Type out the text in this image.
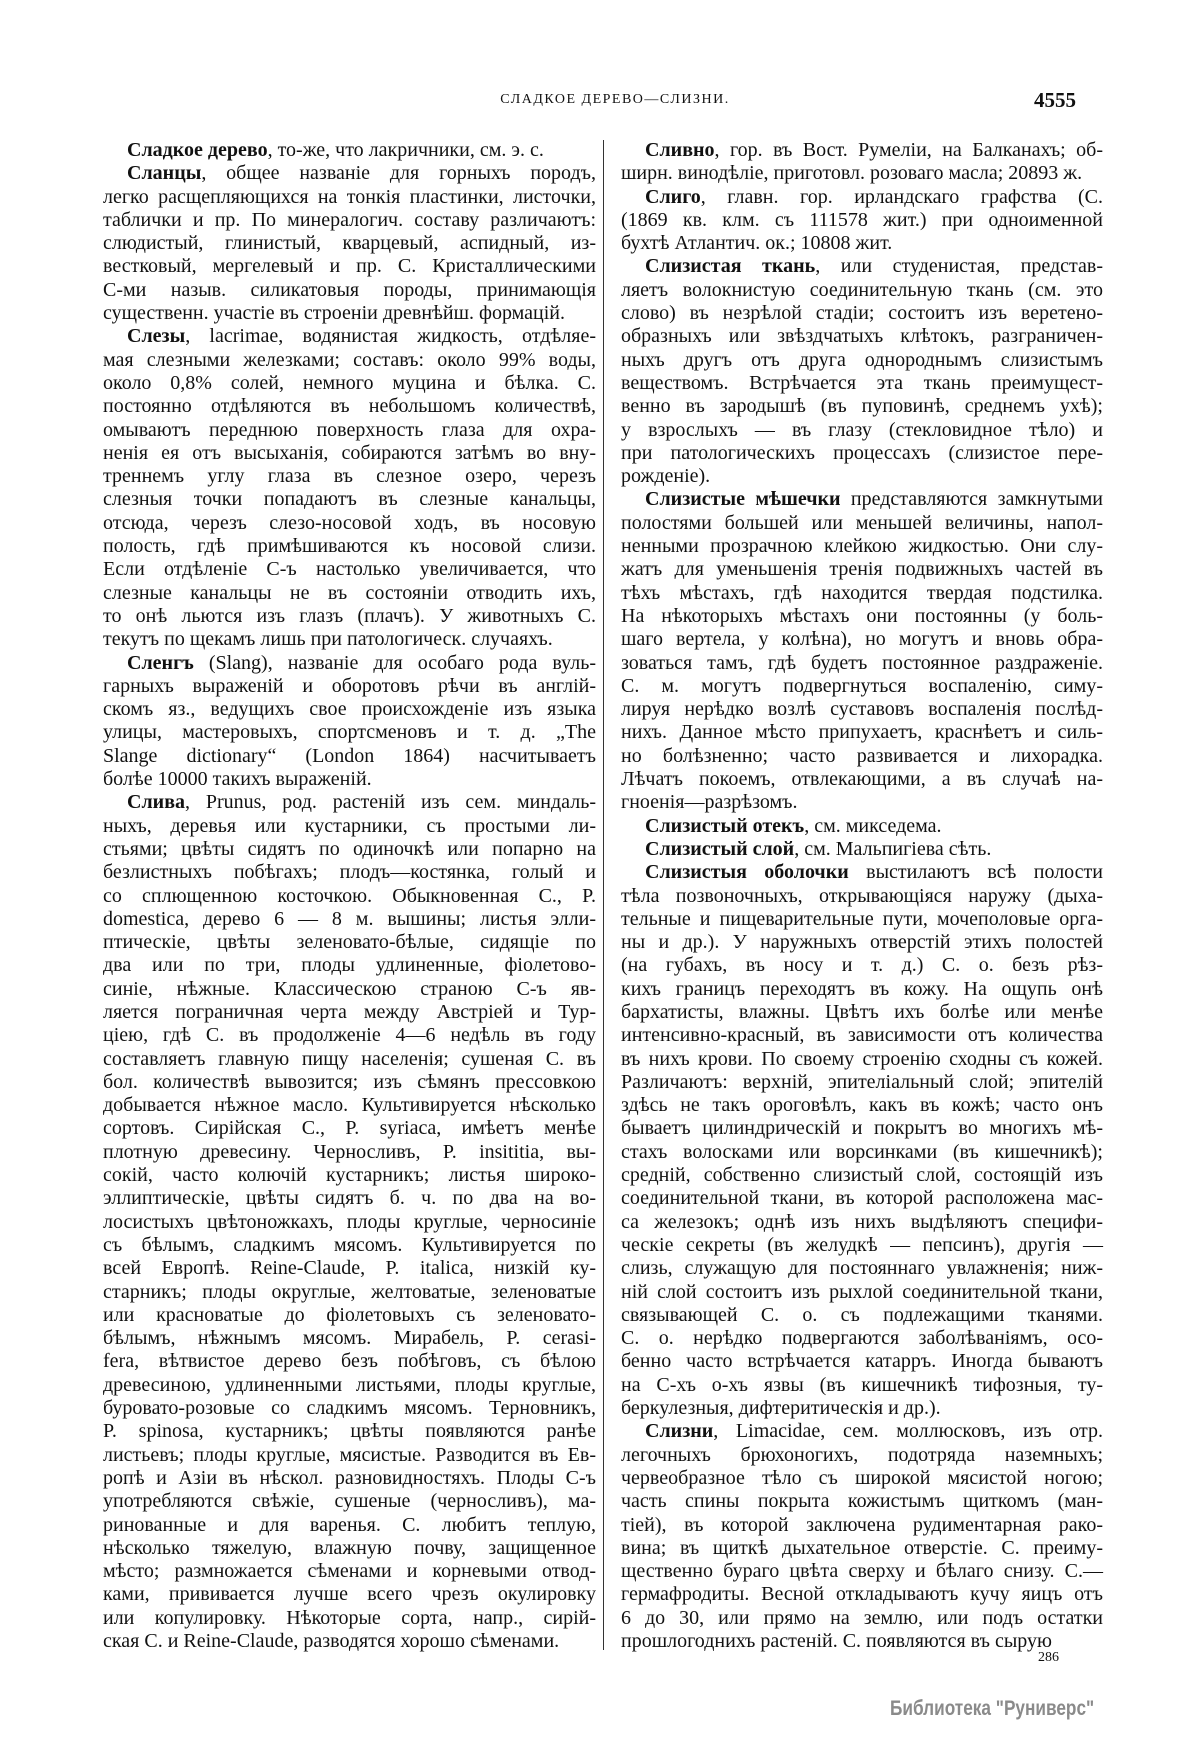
СЛАДКОЕ ДЕРЕВО—СЛИЗНИ.	4555
Сладкое дерево, то-же, что лакричники, см. э. с.
Сланцы, общее названіе для горныхъ породъ,
легко расщепляющихся на тонкія пластинки, листочки,
таблички и пр. По минералогич. составу различаютъ:
слюдистый, глинистый, кварцевый, аспидный, из-
вестковый, мергелевый и пр. С. Кристаллическими
С-ми назыв. силикатовыя породы, принимающія
существенн. участіе въ строеніи древнѣйш. формацій.
Слезы, lacrimae, водянистая жидкость, отдѣляе-
мая слезными железками; составъ: около 99% воды,
около 0,8% солей, немного муцина и бѣлка. С.
постоянно отдѣляются въ небольшомъ количествѣ,
омываютъ переднюю поверхность глаза для охра-
ненія ея отъ высыханія, собираются затѣмъ во вну-
треннемъ углу глаза въ слезное озеро, черезъ
слезныя точки попадаютъ въ слезные канальцы,
отсюда, черезъ слезо-носовой ходъ, въ носовую
полость, гдѣ примѣшиваются къ носовой слизи.
Если отдѣленіе С-ъ настолько увеличивается, что
слезные канальцы не въ состояніи отводить ихъ,
то онѣ льются изъ глазъ (плачъ). У животныхъ С.
текутъ по щекамъ лишь при патологическ. случаяхъ.
Сленгъ (Slang), названіе для особаго рода вуль-
гарныхъ выраженій и оборотовъ рѣчи въ англій-
скомъ яз., ведущихъ свое происхожденіе изъ языка
улицы, мастеровыхъ, спортсменовъ и т. д. „The
Slange dictionary“ (London 1864) насчитываетъ
болѣе 10000 такихъ выраженій.
Слива, Prunus, род. растеній изъ сем. миндаль-
ныхъ, деревья или кустарники, съ простыми ли-
стьями; цвѣты сидятъ по одиночкѣ или попарно на
безлистныхъ побѣгахъ; плодъ—костянка, голый и
со сплющенною косточкою. Обыкновенная С., P.
domestica, дерево 6 — 8 м. вышины; листья элли-
птическіе, цвѣты зеленовато-бѣлые, сидящіе по
два или по три, плоды удлиненные, фіолетово-
синіе, нѣжные. Классическою страною С-ъ яв-
ляется пограничная черта между Австріей и Тур-
ціею, гдѣ С. въ продолженіе 4—6 недѣль въ году
составляетъ главную пищу населенія; сушеная С. въ
бол. количествѣ вывозится; изъ сѣмянъ прессовкою
добывается нѣжное масло. Культивируется нѣсколько
сортовъ. Сирійская С., P. syriaca, имѣетъ менѣе
плотную древесину. Черносливъ, P. insititia, вы-
сокій, часто колючій кустарникъ; листья широко-
эллиптическіе, цвѣты сидятъ б. ч. по два на во-
лосистыхъ цвѣтоножкахъ, плоды круглые, черносиніе
съ бѣлымъ, сладкимъ мясомъ. Культивируется по
всей Европѣ. Reine-Claude, P. italica, низкій ку-
старникъ; плоды округлые, желтоватые, зеленоватые
или красноватые до фіолетовыхъ съ зеленовато-
бѣлымъ, нѣжнымъ мясомъ. Мирабель, P. cerasi-
fera, вѣтвистое дерево безъ побѣговъ, съ бѣлою
древесиною, удлиненными листьями, плоды круглые,
буровато-розовые со сладкимъ мясомъ. Терновникъ,
P. spinosa, кустарникъ; цвѣты появляются ранѣе
листьевъ; плоды круглые, мясистые. Разводится въ Ев-
ропѣ и Азіи въ нѣскол. разновидностяхъ. Плоды С-ъ
употребляются свѣжіе, сушеные (черносливъ), ма-
ринованные и для варенья. С. любитъ теплую,
нѣсколько тяжелую, влажную почву, защищенное
мѣсто; размножается сѣменами и корневыми отвод-
ками, прививается лучше всего чрезъ окулировку
или копулировку. Нѣкоторые сорта, напр., сирій-
ская С. и Reine-Claude, разводятся хорошо сѣменами.
Сливно, гор. въ Вост. Румеліи, на Балканахъ; об-
ширн. винодѣліе, приготовл. розоваго масла; 20893 ж.
Слиго, главн. гор. ирландскаго графства (С.
(1869 кв. клм. съ 111578 жит.) при одноименной
бухтѣ Атлантич. ок.; 10808 жит.
Слизистая ткань, или студенистая, представ-
ляетъ волокнистую соединительную ткань (см. это
слово) въ незрѣлой стадіи; состоитъ изъ веретено-
образныхъ или звѣздчатыхъ клѣтокъ, разграничен-
ныхъ другъ отъ друга однороднымъ слизистымъ
веществомъ. Встрѣчается эта ткань преимущест-
венно въ зародышѣ (въ пуповинѣ, среднемъ ухѣ);
у взрослыхъ — въ глазу (стекловидное тѣло) и
при патологическихъ процессахъ (слизистое пере-
рожденіе).
Слизистые мѣшечки представляются замкнутыми
полостями большей или меньшей величины, напол-
ненными прозрачною клейкою жидкостью. Они слу-
жатъ для уменьшенія тренія подвижныхъ частей въ
тѣхъ мѣстахъ, гдѣ находится твердая подстилка.
На нѣкоторыхъ мѣстахъ они постоянны (у боль-
шаго вертела, у колѣна), но могутъ и вновь обра-
зоваться тамъ, гдѣ будетъ постоянное раздраженіе.
С. м. могутъ подвергнуться воспаленію, симу-
лируя нерѣдко возлѣ суставовъ воспаленія послѣд-
нихъ. Данное мѣсто припухаетъ, краснѣетъ и силь-
но болѣзненно; часто развивается и лихорадка.
Лѣчатъ покоемъ, отвлекающими, а въ случаѣ на-
гноенія—разрѣзомъ.
Слизистый отекъ, см. микседема.
Слизистый слой, см. Мальпигіева сѣть.
Слизистыя оболочки выстилаютъ всѣ полости
тѣла позвоночныхъ, открывающіяся наружу (дыха-
тельные и пищеварительные пути, мочеполовые орга-
ны и др.). У наружныхъ отверстій этихъ полостей
(на губахъ, въ носу и т. д.) С. о. безъ рѣз-
кихъ границъ переходятъ въ кожу. На ощупь онѣ
бархатисты, влажны. Цвѣтъ ихъ болѣе или менѣе
интенсивно-красный, въ зависимости отъ количества
въ нихъ крови. По своему строенію сходны съ кожей.
Различаютъ: верхній, эпителіальный слой; эпителій
здѣсь не такъ ороговѣлъ, какъ въ кожѣ; часто онъ
бываетъ цилиндрическій и покрытъ во многихъ мѣ-
стахъ волосками или ворсинками (въ кишечникѣ);
средній, собственно слизистый слой, состоящій изъ
соединительной ткани, въ которой расположена мас-
са железокъ; однѣ изъ нихъ выдѣляютъ специфи-
ческіе секреты (въ желудкѣ — пепсинъ), другія —
слизь, служащую для постояннаго увлажненія; ниж-
ній слой состоитъ изъ рыхлой соединительной ткани,
связывающей С. о. съ подлежащими тканями.
С. о. нерѣдко подвергаются заболѣваніямъ, осо-
бенно часто встрѣчается катарръ. Иногда бываютъ
на С-хъ о-хъ язвы (въ кишечникѣ тифозныя, ту-
беркулезныя, дифтеритическія и др.).
Слизни, Limacidae, сем. моллюсковъ, изъ отр.
легочныхъ брюхоногихъ, подотряда наземныхъ;
червеобразное тѣло съ широкой мясистой ногою;
часть спины покрыта кожистымъ щиткомъ (ман-
тіей), въ которой заключена рудиментарная рако-
вина; въ щиткѣ дыхательное отверстіе. С. преиму-
щественно бураго цвѣта сверху и бѣлаго снизу. С.—
гермафродиты. Весной откладываютъ кучу яицъ отъ
6 до 30, или прямо на землю, или подъ остатки
прошлогоднихъ растеній. С. появляются въ сырую
286
Библиотека "Руниверс"
